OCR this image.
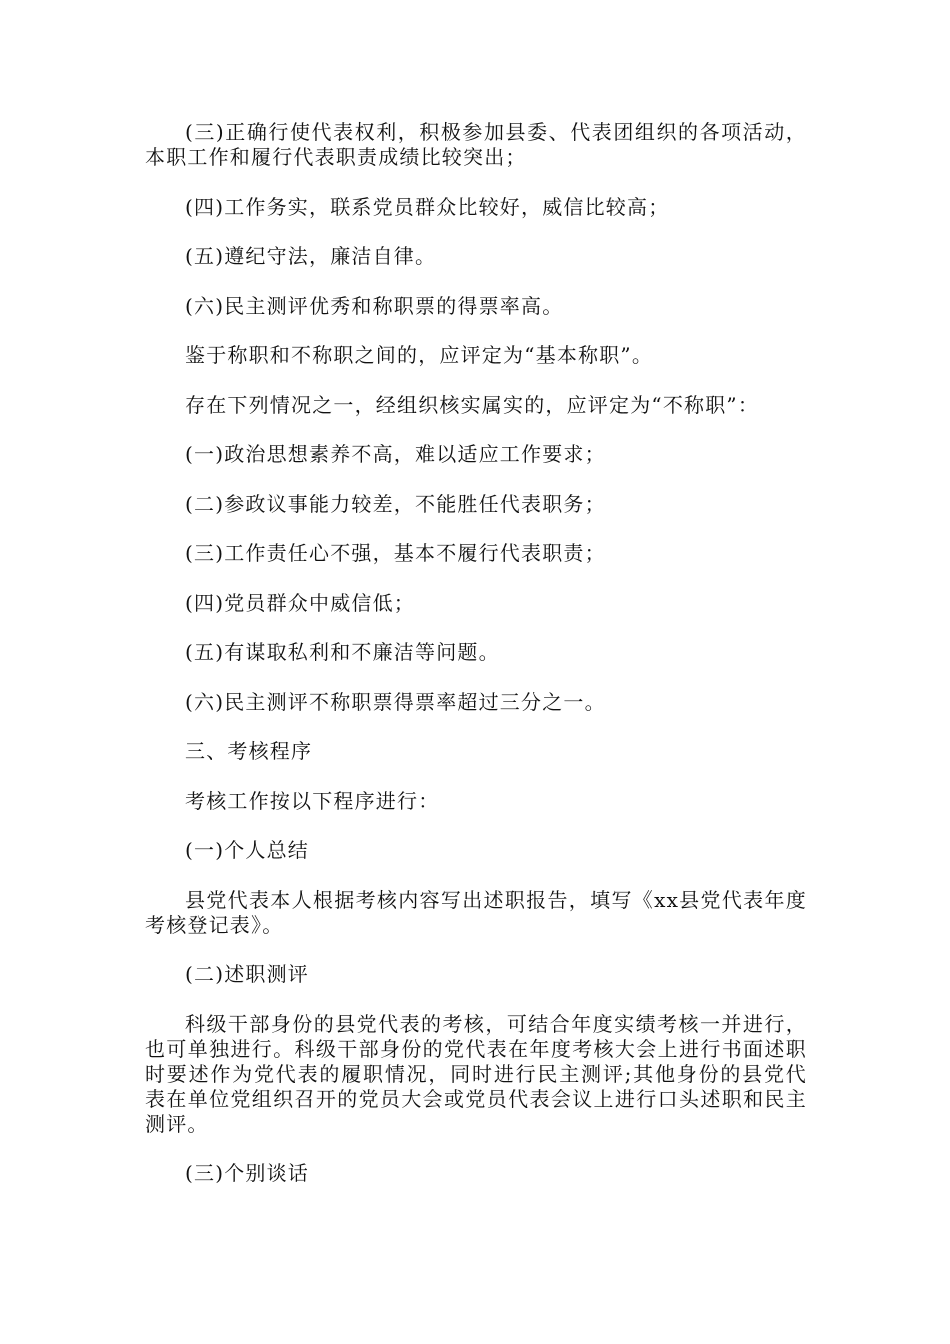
(三)正确行使代表权利，积极参加县委、代表团组织的各项活动，本职工作和履行代表职责成绩比较突出；

(四)工作务实，联系党员群众比较好，威信比较高；

(五)遵纪守法，廉洁自律。

(六)民主测评优秀和称职票的得票率高。

鉴于称职和不称职之间的，应评定为“基本称职”。

存在下列情况之一，经组织核实属实的，应评定为“不称职”：

(一)政治思想素养不高，难以适应工作要求；

(二)参政议事能力较差，不能胜任代表职务；

(三)工作责任心不强，基本不履行代表职责；

(四)党员群众中威信低；

(五)有谋取私利和不廉洁等问题。

(六)民主测评不称职票得票率超过三分之一。

三、考核程序

考核工作按以下程序进行：

(一)个人总结

县党代表本人根据考核内容写出述职报告，填写《xx县党代表年度考核登记表》。

(二)述职测评

科级干部身份的县党代表的考核，可结合年度实绩考核一并进行，也可单独进行。科级干部身份的党代表在年度考核大会上进行书面述职时要述作为党代表的履职情况，同时进行民主测评;其他身份的县党代表在单位党组织召开的党员大会或党员代表会议上进行口头述职和民主测评。

(三)个别谈话
